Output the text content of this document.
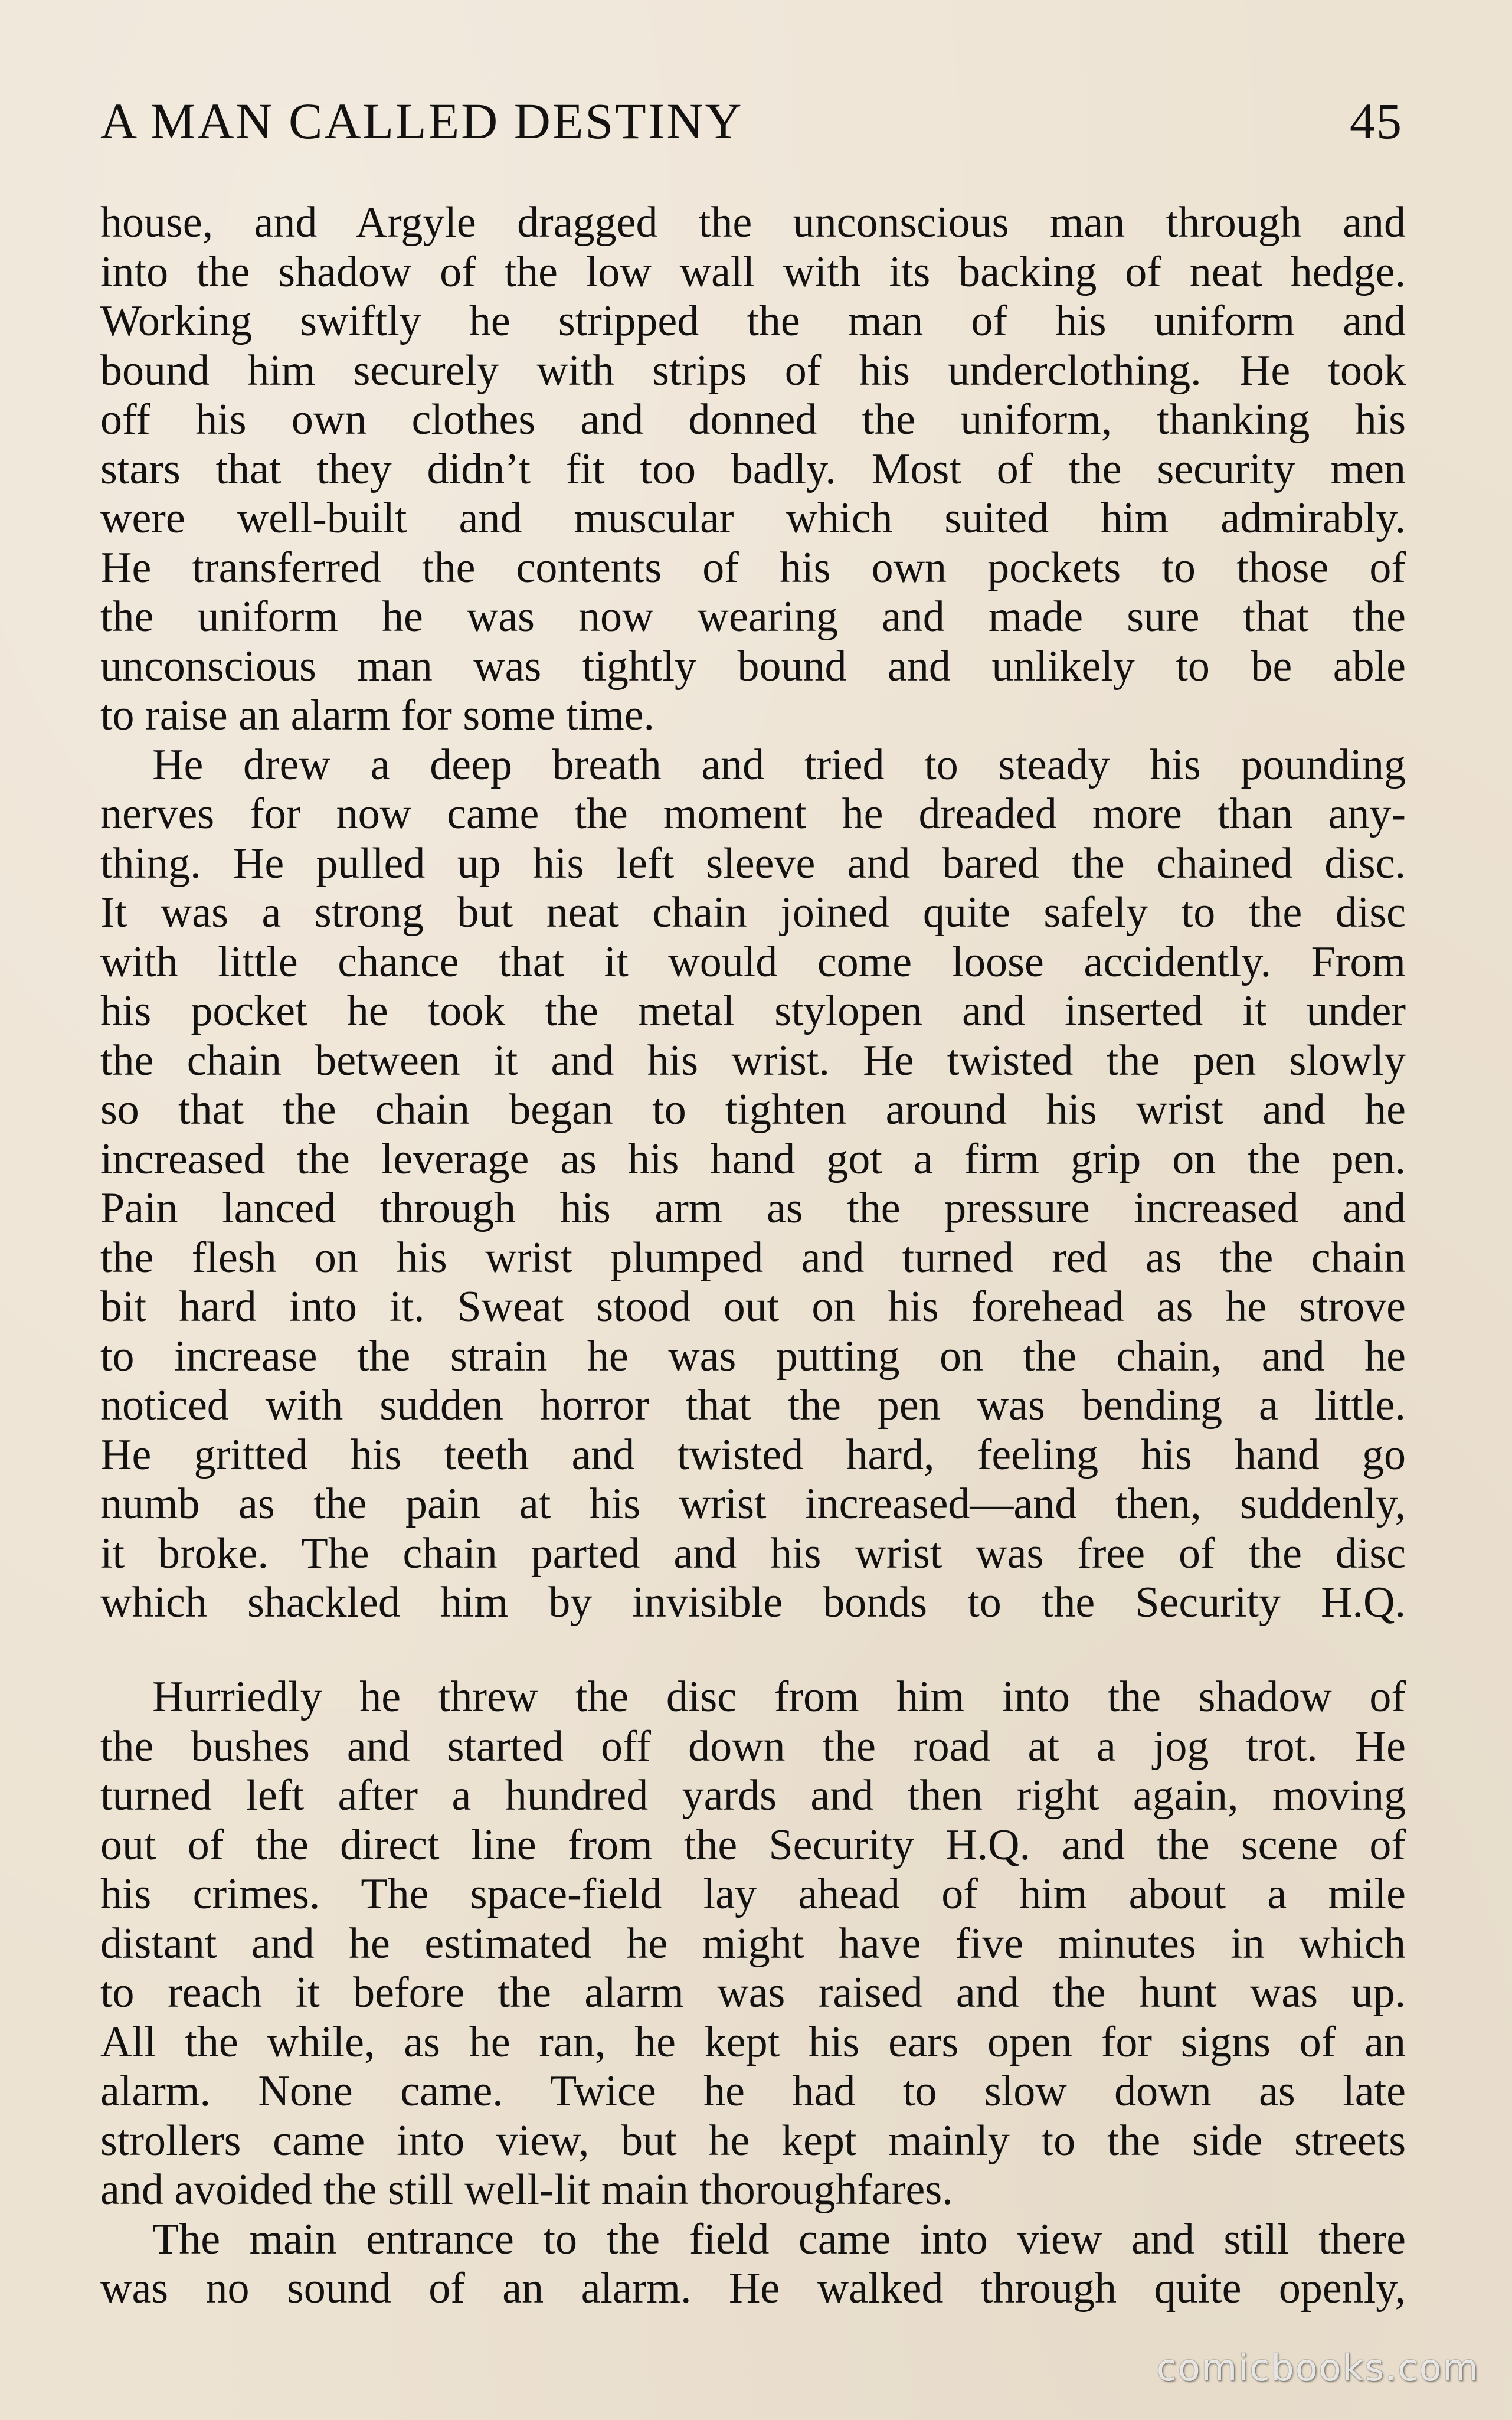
A MAN CALLED DESTINY	45
house, and Argyle dragged the unconscious man through and
into the shadow of the low wall with its backing of neat hedge.
Working swiftly he stripped the man of his uniform and
bound him securely with strips of his underclothing. He took
off his own clothes and donned the uniform, thanking his
stars that they didn’t fit too badly. Most of the security men
were well-built and muscular which suited him admirably.
He transferred the contents of his own pockets to those of
the uniform he was now wearing and made sure that the
unconscious man was tightly bound and unlikely to be able
to raise an alarm for some time.
He drew a deep breath and tried to steady his pounding
nerves for now came the moment he dreaded more than any-
thing. He pulled up his left sleeve and bared the chained disc.
It was a strong but neat chain joined quite safely to the disc
with little chance that it would come loose accidently. From
his pocket he took the metal stylopen and inserted it under
the chain between it and his wrist. He twisted the pen slowly
so that the chain began to tighten around his wrist and he
increased the leverage as his hand got a firm grip on the pen.
Pain lanced through his arm as the pressure increased and
the flesh on his wrist plumped and turned red as the chain
bit hard into it. Sweat stood out on his forehead as he strove
to increase the strain he was putting on the chain, and he
noticed with sudden horror that the pen was bending a little.
He gritted his teeth and twisted hard, feeling his hand go
numb as the pain at his wrist increased—and then, suddenly,
it broke. The chain parted and his wrist was free of the disc
which shackled him by invisible bonds to the Security H.Q.
Hurriedly he threw the disc from him into the shadow of
the bushes and started off down the road at a jog trot. He
turned left after a hundred yards and then right again, moving
out of the direct line from the Security H.Q. and the scene of
his crimes. The space-field lay ahead of him about a mile
distant and he estimated he might have five minutes in which
to reach it before the alarm was raised and the hunt was up.
All the while, as he ran, he kept his ears open for signs of an
alarm. None came. Twice he had to slow down as late
strollers came into view, but he kept mainly to the side streets
and avoided the still well-lit main thoroughfares.
The main entrance to the field came into view and still there
was no sound of an alarm. He walked through quite openly,
comicbooks.com
